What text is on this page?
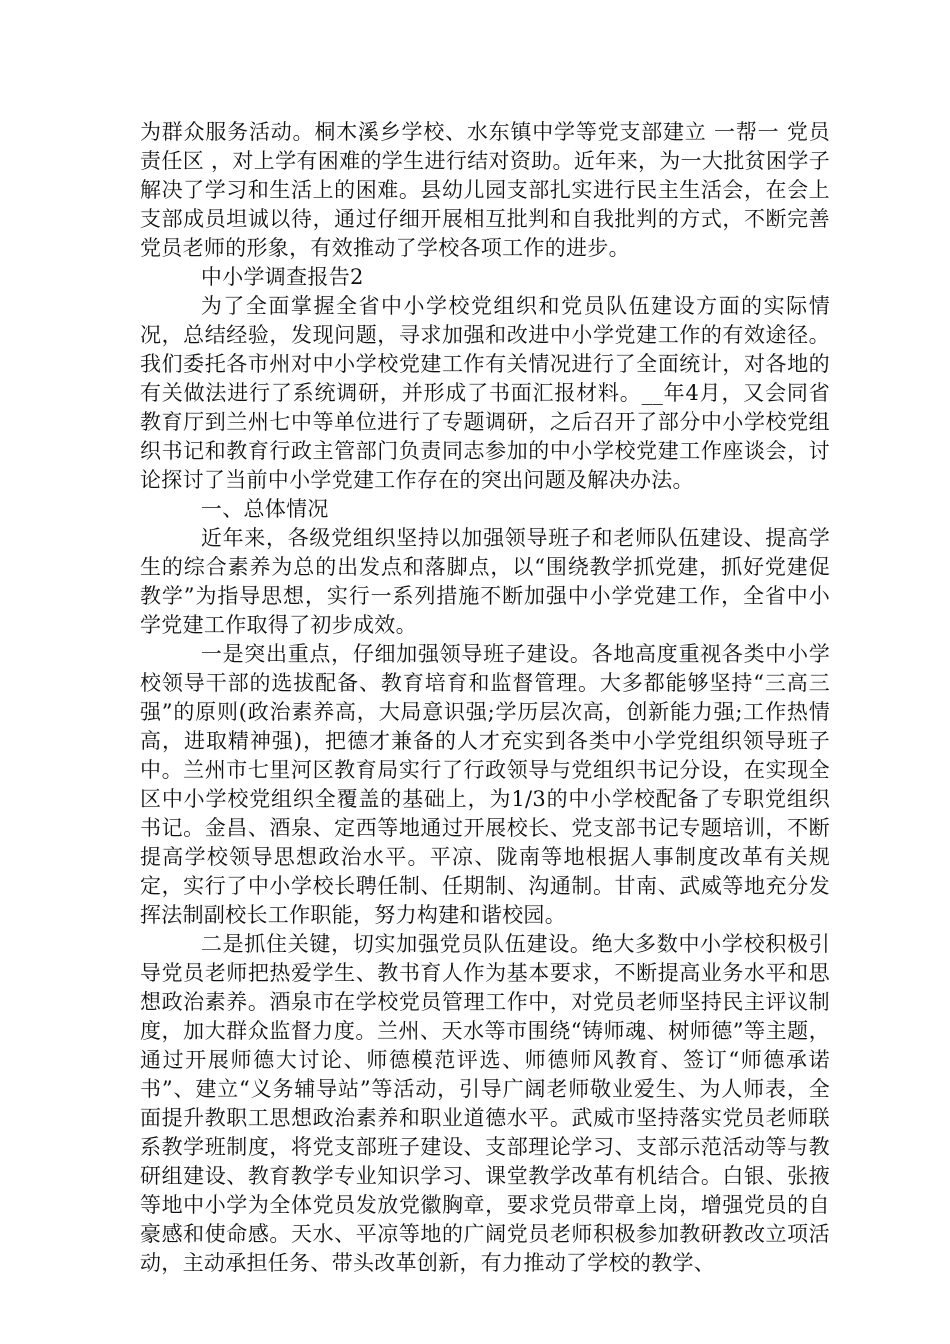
为群众服务活动。桐木溪乡学校、水东镇中学等党支部建立 一帮一 党员责任区 ，对上学有困难的学生进行结对资助。近年来，为一大批贫困学子解决了学习和生活上的困难。县幼儿园支部扎实进行民主生活会，在会上支部成员坦诚以待，通过仔细开展相互批判和自我批判的方式，不断完善党员老师的形象，有效推动了学校各项工作的进步。

中小学调查报告2

为了全面掌握全省中小学校党组织和党员队伍建设方面的实际情况，总结经验，发现问题，寻求加强和改进中小学党建工作的有效途径。我们委托各市州对中小学校党建工作有关情况进行了全面统计，对各地的有关做法进行了系统调研，并形成了书面汇报材料。__年4月，又会同省教育厅到兰州七中等单位进行了专题调研，之后召开了部分中小学校党组织书记和教育行政主管部门负责同志参加的中小学校党建工作座谈会，讨论探讨了当前中小学党建工作存在的突出问题及解决办法。

一、总体情况

近年来，各级党组织坚持以加强领导班子和老师队伍建设、提高学生的综合素养为总的出发点和落脚点，以“围绕教学抓党建，抓好党建促教学”为指导思想，实行一系列措施不断加强中小学党建工作，全省中小学党建工作取得了初步成效。

一是突出重点，仔细加强领导班子建设。各地高度重视各类中小学校领导干部的选拔配备、教育培育和监督管理。大多都能够坚持“三高三强”的原则(政治素养高，大局意识强;学历层次高，创新能力强;工作热情高，进取精神强)，把德才兼备的人才充实到各类中小学党组织领导班子中。兰州市七里河区教育局实行了行政领导与党组织书记分设，在实现全区中小学校党组织全覆盖的基础上，为1/3的中小学校配备了专职党组织书记。金昌、酒泉、定西等地通过开展校长、党支部书记专题培训，不断提高学校领导思想政治水平。平凉、陇南等地根据人事制度改革有关规定，实行了中小学校长聘任制、任期制、沟通制。甘南、武威等地充分发挥法制副校长工作职能，努力构建和谐校园。

二是抓住关键，切实加强党员队伍建设。绝大多数中小学校积极引导党员老师把热爱学生、教书育人作为基本要求，不断提高业务水平和思想政治素养。酒泉市在学校党员管理工作中，对党员老师坚持民主评议制度，加大群众监督力度。兰州、天水等市围绕“铸师魂、树师德”等主题，通过开展师德大讨论、师德模范评选、师德师风教育、签订“师德承诺书”、建立“义务辅导站”等活动，引导广阔老师敬业爱生、为人师表，全面提升教职工思想政治素养和职业道德水平。武威市坚持落实党员老师联系教学班制度，将党支部班子建设、支部理论学习、支部示范活动等与教研组建设、教育教学专业知识学习、课堂教学改革有机结合。白银、张掖等地中小学为全体党员发放党徽胸章，要求党员带章上岗，增强党员的自豪感和使命感。天水、平凉等地的广阔党员老师积极参加教研教改立项活动，主动承担任务、带头改革创新，有力推动了学校的教学、
